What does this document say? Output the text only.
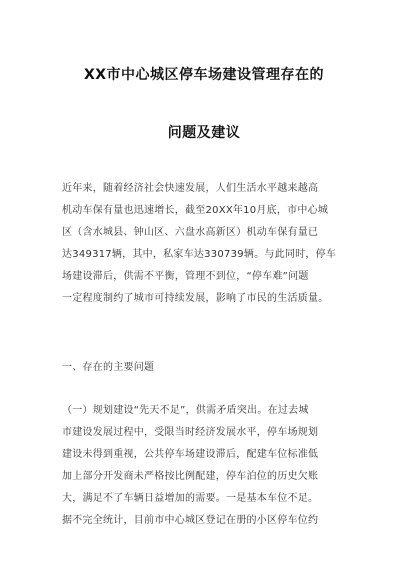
XX市中心城区停车场建设管理存在的
问题及建议
近年来，随着经济社会快速发展，人们生活水平越来越高
机动车保有量也迅速增长，截至20XX年10月底，市中心城
区（含水城县、钟山区、六盘水高新区）机动车保有量已
达349317辆，其中，私家车达330739辆。与此同时，停车
场建设滞后，供需不平衡，管理不到位，“停车难”问题
一定程度制约了城市可持续发展，影响了市民的生活质量。
一、存在的主要问题
（一）规划建设“先天不足”，供需矛盾突出。在过去城
市建设发展过程中，受限当时经济发展水平，停车场规划
建设未得到重视，公共停车场建设滞后，配建车位标准低
加上部分开发商未严格按比例配建，停车泊位的历史欠账
大，满足不了车辆日益增加的需要。一是基本车位不足。
据不完全统计，目前市中心城区登记在册的小区停车位约
